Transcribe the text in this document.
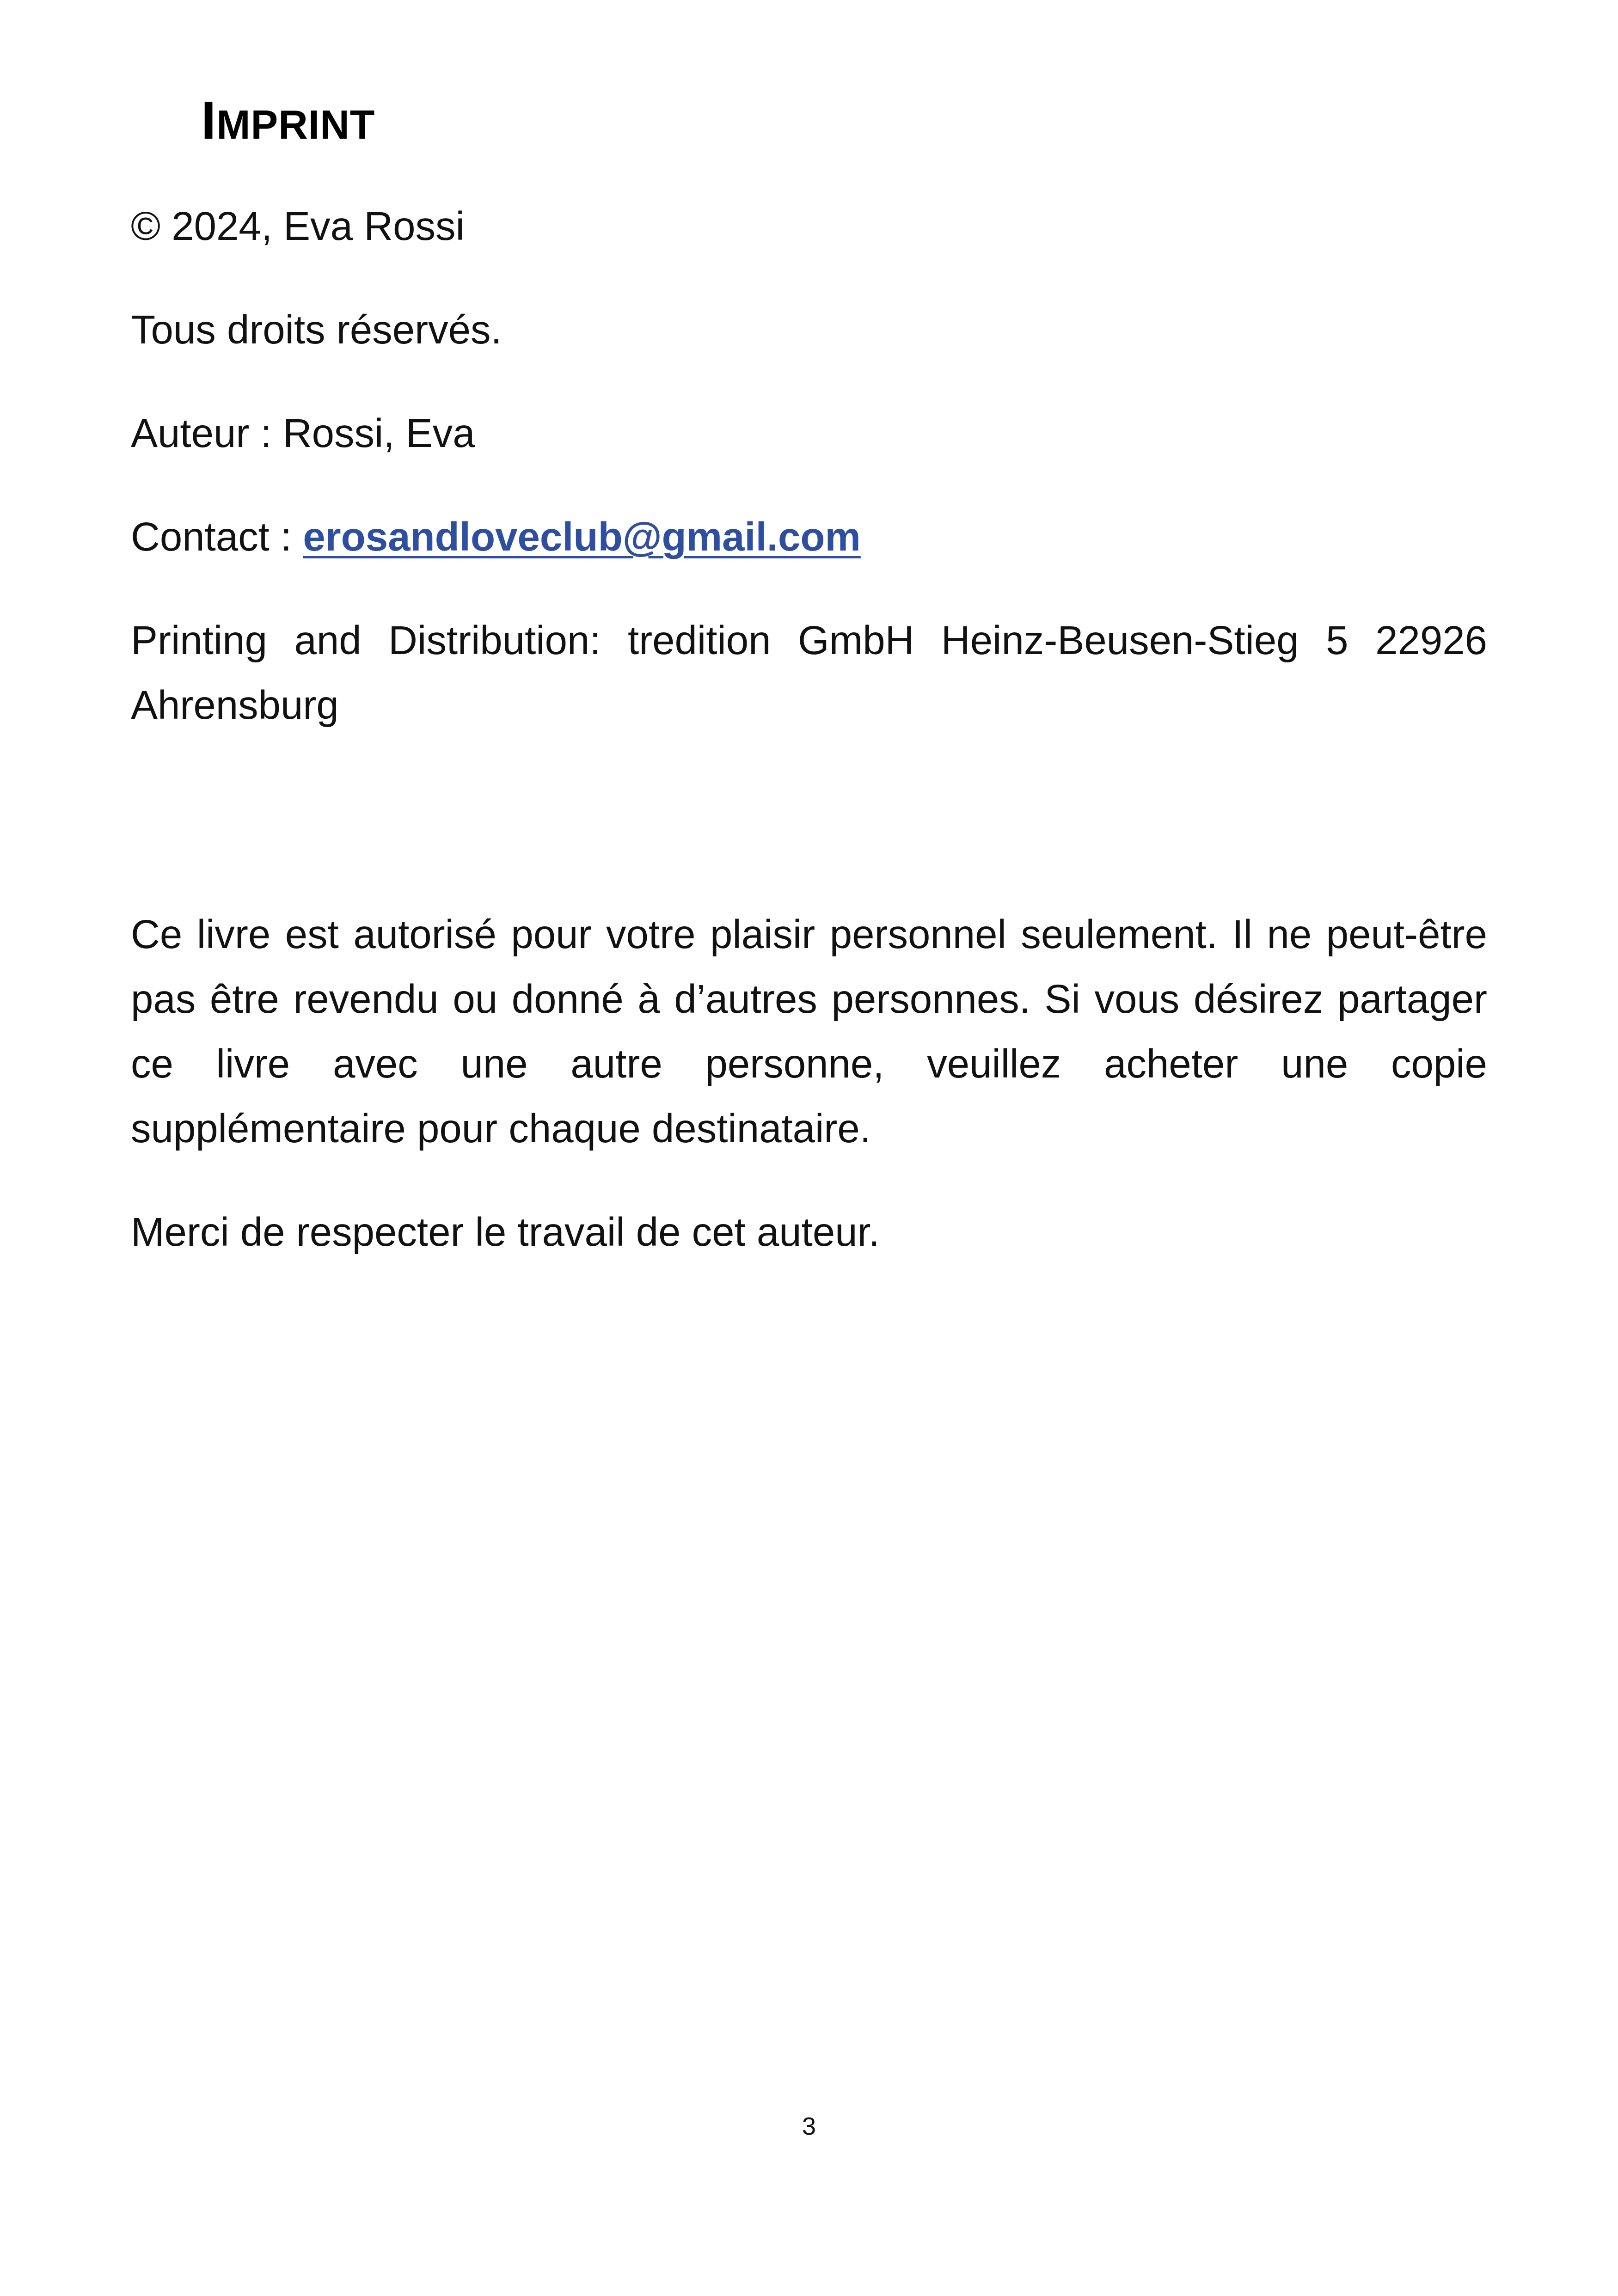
IMPRINT

© 2024, Eva Rossi

Tous droits réservés.

Auteur : Rossi, Eva

Contact : erosandloveclub@gmail.com

Printing and Distribution: tredition GmbH Heinz-Beusen-Stieg 5 22926 Ahrensburg

Ce livre est autorisé pour votre plaisir personnel seulement. Il ne peut-être pas être revendu ou donné à d’autres personnes. Si vous désirez partager ce livre avec une autre personne, veuillez acheter une copie supplémentaire pour chaque destinataire.

Merci de respecter le travail de cet auteur.

3
